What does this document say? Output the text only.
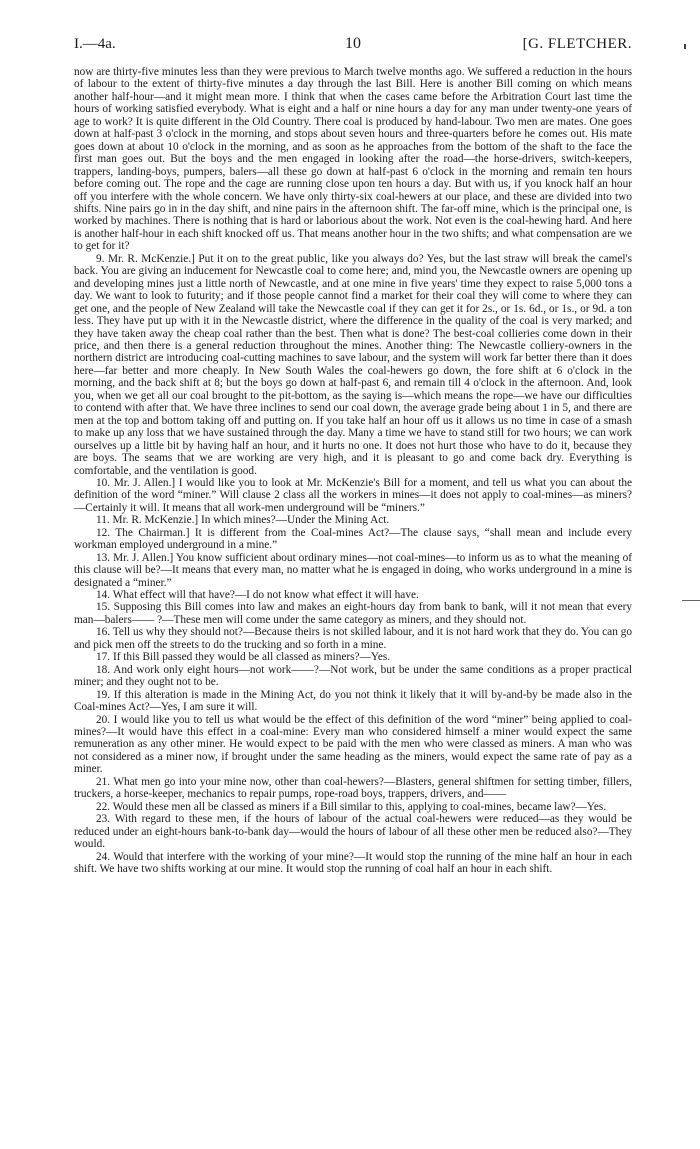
I.—4a.	10	[G. FLETCHER.

now are thirty-five minutes less than they were previous to March twelve months ago. We suffered a reduction in the hours of labour to the extent of thirty-five minutes a day through the last Bill. Here is another Bill coming on which means another half-hour—and it might mean more. I think that when the cases came before the Arbitration Court last time the hours of working satisfied everybody. What is eight and a half or nine hours a day for any man under twenty-one years of age to work? It is quite different in the Old Country. There coal is produced by hand-labour. Two men are mates. One goes down at half-past 3 o'clock in the morning, and stops about seven hours and three-quarters before he comes out. His mate goes down at about 10 o'clock in the morning, and as soon as he approaches from the bottom of the shaft to the face the first man goes out. But the boys and the men engaged in looking after the road—the horse-drivers, switch-keepers, trappers, landing-boys, pumpers, balers—all these go down at half-past 6 o'clock in the morning and remain ten hours before coming out. The rope and the cage are running close upon ten hours a day. But with us, if you knock half an hour off you interfere with the whole concern. We have only thirty-six coal-hewers at our place, and these are divided into two shifts. Nine pairs go in in the day shift, and nine pairs in the afternoon shift. The far-off mine, which is the principal one, is worked by machines. There is nothing that is hard or laborious about the work. Not even is the coal-hewing hard. And here is another half-hour in each shift knocked off us. That means another hour in the two shifts; and what compensation are we to get for it?

9. Mr. R. McKenzie.] Put it on to the great public, like you always do? Yes, but the last straw will break the camel's back. You are giving an inducement for Newcastle coal to come here; and, mind you, the Newcastle owners are opening up and developing mines just a little north of Newcastle, and at one mine in five years' time they expect to raise 5,000 tons a day. We want to look to futurity; and if those people cannot find a market for their coal they will come to where they can get one, and the people of New Zealand will take the Newcastle coal if they can get it for 2s., or 1s. 6d., or 1s., or 9d. a ton less. They have put up with it in the Newcastle district, where the difference in the quality of the coal is very marked; and they have taken away the cheap coal rather than the best. Then what is done? The best-coal collieries come down in their price, and then there is a general reduction throughout the mines. Another thing: The Newcastle colliery-owners in the northern district are introducing coal-cutting machines to save labour, and the system will work far better there than it does here—far better and more cheaply. In New South Wales the coal-hewers go down, the fore shift at 6 o'clock in the morning, and the back shift at 8; but the boys go down at half-past 6, and remain till 4 o'clock in the afternoon. And, look you, when we get all our coal brought to the pit-bottom, as the saying is—which means the rope—we have our difficulties to contend with after that. We have three inclines to send our coal down, the average grade being about 1 in 5, and there are men at the top and bottom taking off and putting on. If you take half an hour off us it allows us no time in case of a smash to make up any loss that we have sustained through the day. Many a time we have to stand still for two hours; we can work ourselves up a little bit by having half an hour, and it hurts no one. It does not hurt those who have to do it, because they are boys. The seams that we are working are very high, and it is pleasant to go and come back dry. Everything is comfortable, and the ventilation is good.

10. Mr. J. Allen.] I would like you to look at Mr. McKenzie's Bill for a moment, and tell us what you can about the definition of the word “miner.” Will clause 2 class all the workers in mines—it does not apply to coal-mines—as miners?—Certainly it will. It means that all work-men underground will be “miners.”

11. Mr. R. McKenzie.] In which mines?—Under the Mining Act.

12. The Chairman.] It is different from the Coal-mines Act?—The clause says, “shall mean and include every workman employed underground in a mine.”

13. Mr. J. Allen.] You know sufficient about ordinary mines—not coal-mines—to inform us as to what the meaning of this clause will be?—It means that every man, no matter what he is engaged in doing, who works underground in a mine is designated a “miner.”

14. What effect will that have?—I do not know what effect it will have.

15. Supposing this Bill comes into law and makes an eight-hours day from bank to bank, will it not mean that every man—balers—— ?—These men will come under the same category as miners, and they should not.

16. Tell us why they should not?—Because theirs is not skilled labour, and it is not hard work that they do. You can go and pick men off the streets to do the trucking and so forth in a mine.

17. If this Bill passed they would be all classed as miners?—Yes.

18. And work only eight hours—not work——?—Not work, but be under the same conditions as a proper practical miner; and they ought not to be.

19. If this alteration is made in the Mining Act, do you not think it likely that it will by-and-by be made also in the Coal-mines Act?—Yes, I am sure it will.

20. I would like you to tell us what would be the effect of this definition of the word “miner” being applied to coal-mines?—It would have this effect in a coal-mine: Every man who considered himself a miner would expect the same remuneration as any other miner. He would expect to be paid with the men who were classed as miners. A man who was not considered as a miner now, if brought under the same heading as the miners, would expect the same rate of pay as a miner.

21. What men go into your mine now, other than coal-hewers?—Blasters, general shiftmen for setting timber, fillers, truckers, a horse-keeper, mechanics to repair pumps, rope-road boys, trappers, drivers, and——

22. Would these men all be classed as miners if a Bill similar to this, applying to coal-mines, became law?—Yes.

23. With regard to these men, if the hours of labour of the actual coal-hewers were reduced—as they would be reduced under an eight-hours bank-to-bank day—would the hours of labour of all these other men be reduced also?—They would.

24. Would that interfere with the working of your mine?—It would stop the running of the mine half an hour in each shift. We have two shifts working at our mine. It would stop the running of coal half an hour in each shift.
